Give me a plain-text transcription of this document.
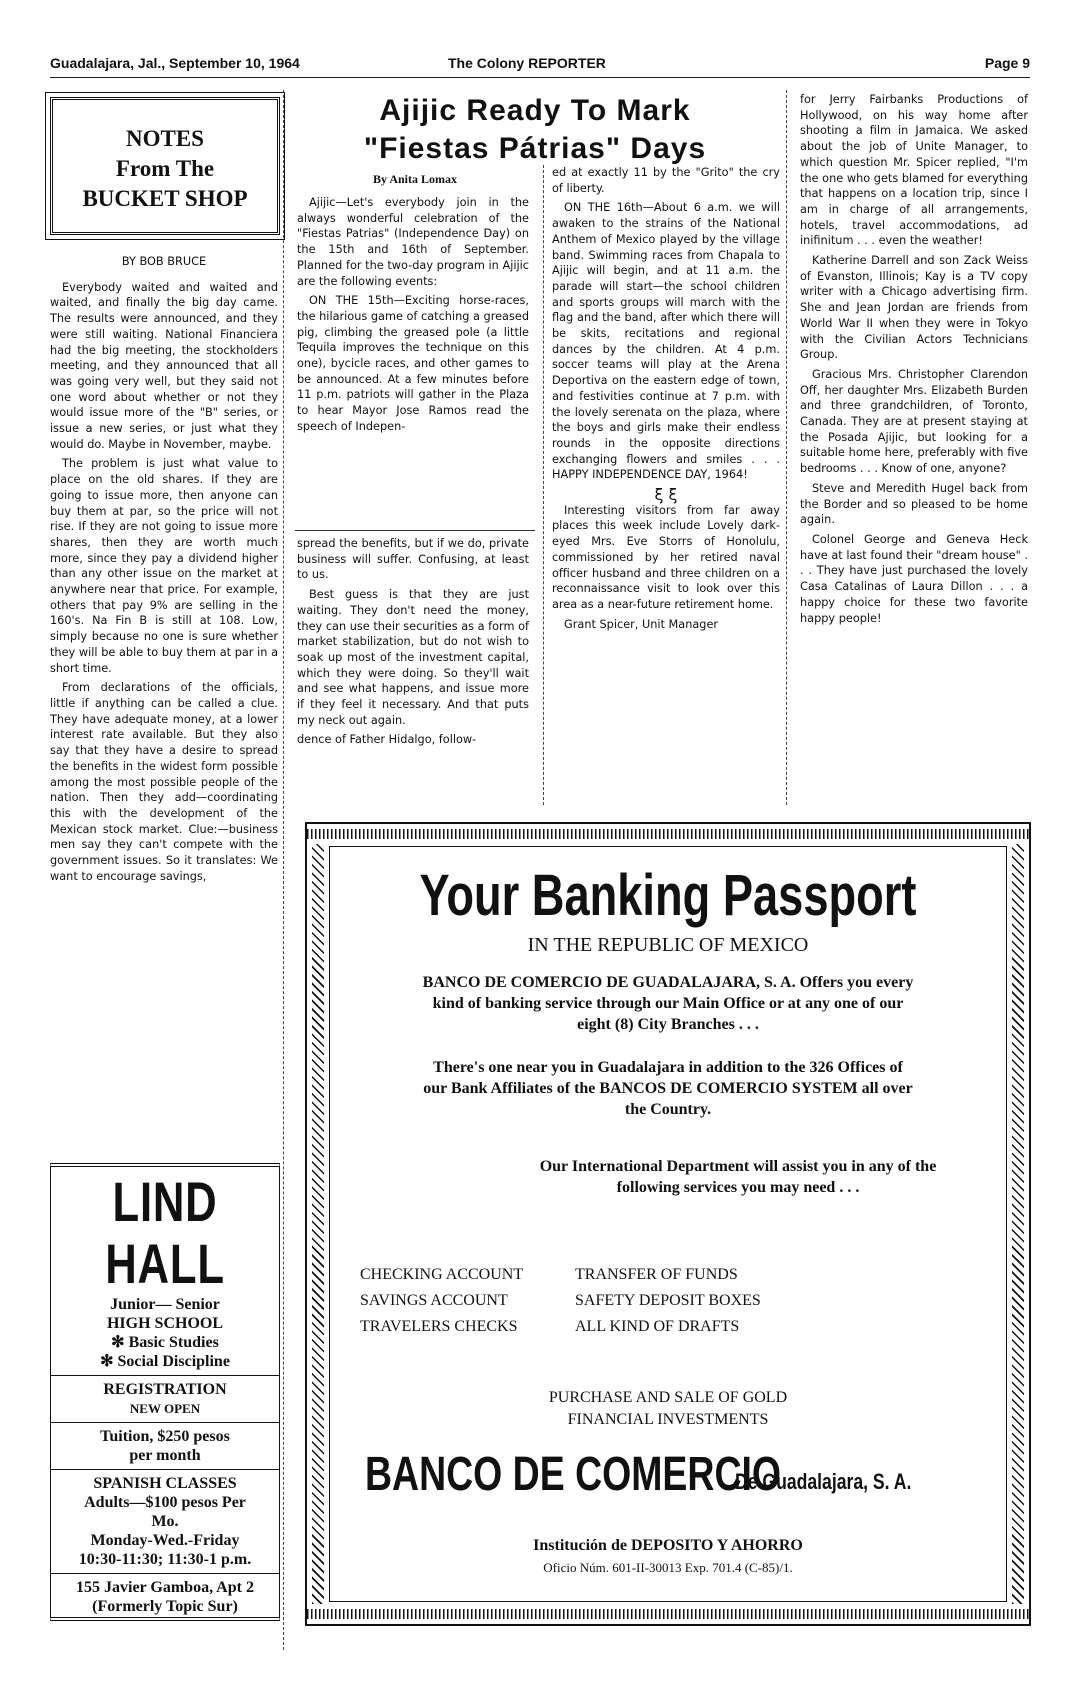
Guadalajara, Jal., September 10, 1964	The Colony REPORTER	Page 9
NOTES
From The
BUCKET SHOP
BY BOB BRUCE

Everybody waited and waited and waited, and finally the big day came. The results were announced, and they were still waiting. National Financiera had the big meeting, the stockholders meeting, and they announced that all was going very well, but they said not one word about whether or not they would issue more of the "B" series, or issue a new series, or just what they would do. Maybe in November, maybe.

The problem is just what value to place on the old shares. If they are going to issue more, then anyone can buy them at par, so the price will not rise. If they are not going to issue more shares, then they are worth much more, since they pay a dividend higher than any other issue on the market at anywhere near that price. For example, others that pay 9% are selling in the 160's. Na Fin B is still at 108. Low, simply because no one is sure whether they will be able to buy them at par in a short time.

From declarations of the officials, little if anything can be called a clue. They have adequate money, at a lower interest rate available. But they also say that they have a desire to spread the benefits in the widest form possible among the most possible people of the nation. Then they add—coordinating this with the development of the Mexican stock market. Clue:—business men say they can't compete with the government issues. So it translates: We want to encourage savings,

LIND HALL
Junior— Senior
HIGH SCHOOL
✻ Basic Studies
✻ Social Discipline
REGISTRATION
NEW OPEN
Tuition, $250 pesos
per month
SPANISH CLASSES
Adults—$100 pesos Per
Mo.
Monday-Wed.-Friday
10:30-11:30; 11:30-1 p.m.
155 Javier Gamboa, Apt 2
(Formerly Topic Sur)
Ajijic Ready To Mark
"Fiestas Pátrias" Days
By Anita Lomax

Ajijic—Let's everybody join in the always wonderful celebration of the "Fiestas Patrias" (Independence Day) on the 15th and 16th of September. Planned for the two-day program in Ajijic are the following events:

ON THE 15th—Exciting horse-races, the hilarious game of catching a greased pig, climbing the greased pole (a little Tequila improves the technique on this one), bycicle races, and other games to be announced. At a few minutes before 11 p.m. patriots will gather in the Plaza to hear Mayor Jose Ramos read the speech of Indepen-

spread the benefits, but if we do, private business will suffer. Confusing, at least to us.

Best guess is that they are just waiting. They don't need the money, they can use their securities as a form of market stabilization, but do not wish to soak up most of the investment capital, which they were doing. So they'll wait and see what happens, and issue more if they feel it necessary. And that puts my neck out again.

dence of Father Hidalgo, follow-

ed at exactly 11 by the "Grito" the cry of liberty.

ON THE 16th—About 6 a.m. we will awaken to the strains of the National Anthem of Mexico played by the village band. Swimming races from Chapala to Ajijic will begin, and at 11 a.m. the parade will start—the school children and sports groups will march with the flag and the band, after which there will be skits, recitations and regional dances by the children. At 4 p.m. soccer teams will play at the Arena Deportiva on the eastern edge of town, and festivities continue at 7 p.m. with the lovely serenata on the plaza, where the boys and girls make their endless rounds in the opposite directions exchanging flowers and smiles . . . HAPPY INDEPENDENCE DAY, 1964!

ξ ξ

Interesting visitors from far away places this week include Lovely dark-eyed Mrs. Eve Storrs of Honolulu, commissioned by her retired naval officer husband and three children on a reconnaissance visit to look over this area as a near-future retirement home.

Grant Spicer, Unit Manager

for Jerry Fairbanks Productions of Hollywood, on his way home after shooting a film in Jamaica. We asked about the job of Unite Manager, to which question Mr. Spicer replied, "I'm the one who gets blamed for everything that happens on a location trip, since I am in charge of all arrangements, hotels, travel accommodations, ad inifinitum . . . even the weather!

Katherine Darrell and son Zack Weiss of Evanston, Illinois; Kay is a TV copy writer with a Chicago advertising firm. She and Jean Jordan are friends from World War II when they were in Tokyo with the Civilian Actors Technicians Group.

Gracious Mrs. Christopher Clarendon Off, her daughter Mrs. Elizabeth Burden and three grandchildren, of Toronto, Canada. They are at present staying at the Posada Ajijic, but looking for a suitable home here, preferably with five bedrooms . . . Know of one, anyone?

Steve and Meredith Hugel back from the Border and so pleased to be home again.

Colonel George and Geneva Heck have at last found their "dream house" . . . They have just purchased the lovely Casa Catalinas of Laura Dillon . . . a happy choice for these two favorite happy people!

Your Banking Passport
IN THE REPUBLIC OF MEXICO
BANCO DE COMERCIO DE GUADALAJARA, S. A. Offers you every kind of banking service through our Main Office or at any one of our eight (8) City Branches . . .
There's one near you in Guadalajara in addition to the 326 Offices of our Bank Affiliates of the BANCOS DE COMERCIO SYSTEM all over the Country.
Our International Department will assist you in any of the following services you may need . . .
CHECKING ACCOUNT
SAVINGS ACCOUNT
TRAVELERS CHECKS
TRANSFER OF FUNDS
SAFETY DEPOSIT BOXES
ALL KIND OF DRAFTS
PURCHASE AND SALE OF GOLD
FINANCIAL INVESTMENTS
BANCO DE COMERCIO
De Guadalajara, S. A.
Institución de DEPOSITO Y AHORRO
Oficio Núm. 601-II-30013 Exp. 701.4 (C-85)/1.
